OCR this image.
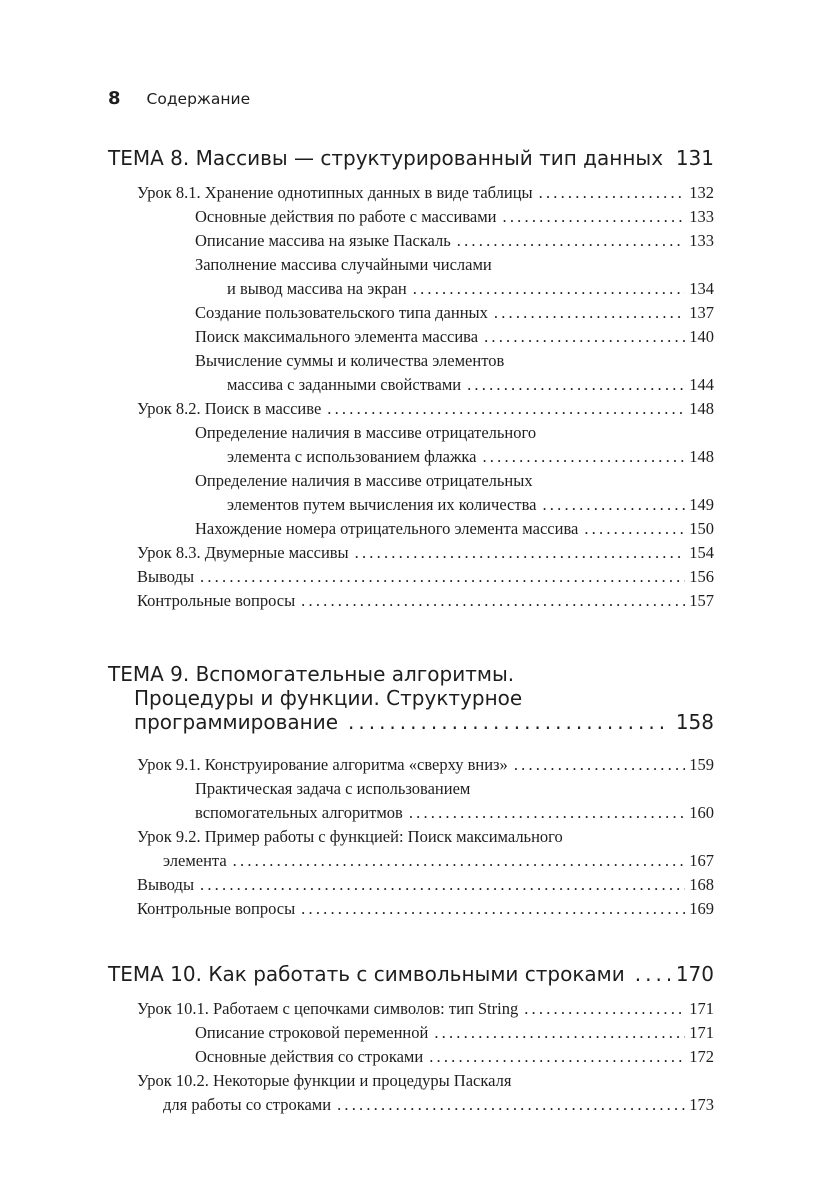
8 Содержание
ТЕМА 8. Массивы — структурированный тип данных 131
Урок 8.1. Хранение однотипных данных в виде таблицы .....	132
Основные действия по работе с массивами .....	133
Описание массива на языке Паскаль .....	133
Заполнение массива случайными числами
и вывод массива на экран .....	134
Создание пользовательского типа данных .....	137
Поиск максимального элемента массива .....	140
Вычисление суммы и количества элементов
массива с заданными свойствами .....	144
Урок 8.2. Поиск в массиве .....	148
Определение наличия в массиве отрицательного
элемента с использованием флажка .....	148
Определение наличия в массиве отрицательных
элементов путем вычисления их количества .....	149
Нахождение номера отрицательного элемента массива .....	150
Урок 8.3. Двумерные массивы .....	154
Выводы .....	156
Контрольные вопросы .....	157
ТЕМА 9. Вспомогательные алгоритмы.
Процедуры и функции. Структурное
программирование .....	158
Урок 9.1. Конструирование алгоритма «сверху вниз» .....	159
Практическая задача с использованием
вспомогательных алгоритмов .....	160
Урок 9.2. Пример работы с функцией: Поиск максимального
элемента .....	167
Выводы .....	168
Контрольные вопросы .....	169
ТЕМА 10. Как работать с символьными строками .....	170
Урок 10.1. Работаем с цепочками символов: тип String .....	171
Описание строковой переменной .....	171
Основные действия со строками .....	172
Урок 10.2. Некоторые функции и процедуры Паскаля
для работы со строками .....	173
